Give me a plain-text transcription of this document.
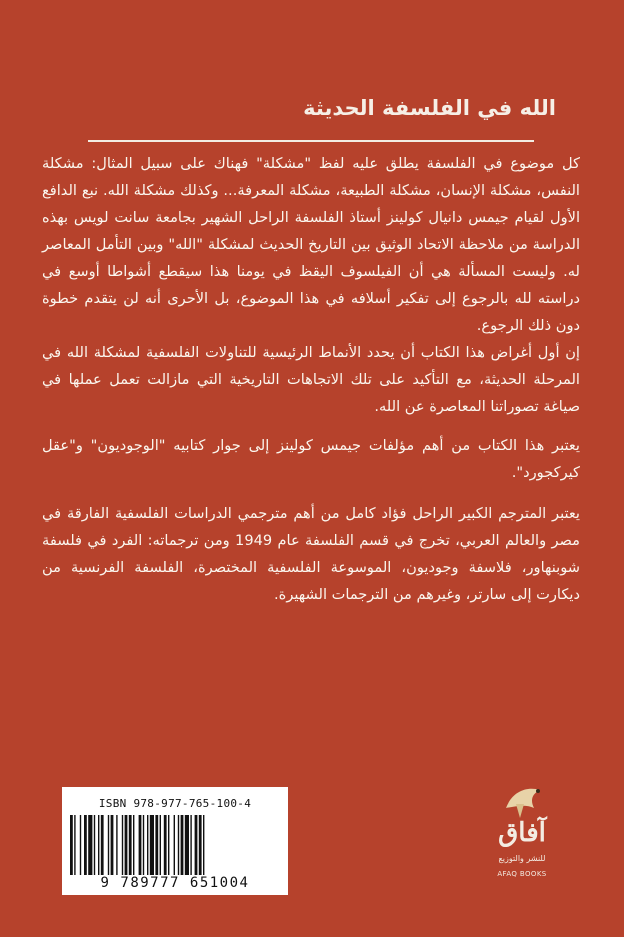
الله في الفلسفة الحديثة

كل موضوع في الفلسفة يطلق عليه لفظ "مشكلة" فهناك على سبيل المثال: مشكلة النفس، مشكلة الإنسان، مشكلة الطبيعة، مشكلة المعرفة... وكذلك مشكلة الله. نبع الدافع الأول لقيام جيمس دانيال كولينز أستاذ الفلسفة الراحل الشهير بجامعة سانت لويس بهذه الدراسة من ملاحظة الاتحاد الوثيق بين التاريخ الحديث لمشكلة "الله" وبين التأمل المعاصر له. وليست المسألة هي أن الفيلسوف اليقظ في يومنا هذا سيقطع أشواطا أوسع في دراسته لله بالرجوع إلى تفكير أسلافه في هذا الموضوع، بل الأحرى أنه لن يتقدم خطوة دون ذلك الرجوع.

إن أول أغراض هذا الكتاب أن يحدد الأنماط الرئيسية للتناولات الفلسفية لمشكلة الله في المرحلة الحديثة، مع التأكيد على تلك الاتجاهات التاريخية التي مازالت تعمل عملها في صياغة تصوراتنا المعاصرة عن الله.

يعتبر هذا الكتاب من أهم مؤلفات جيمس كولينز إلى جوار كتابيه "الوجوديون" و"عقل كيركجورد".

يعتبر المترجم الكبير الراحل فؤاد كامل من أهم مترجمي الدراسات الفلسفية الفارقة في مصر والعالم العربي، تخرج في قسم الفلسفة عام 1949 ومن ترجماته: الفرد في فلسفة شوبنهاور، فلاسفة وجوديون، الموسوعة الفلسفية المختصرة، الفلسفة الفرنسية من ديكارت إلى سارتر، وغيرهم من الترجمات الشهيرة.

ISBN 978-977-765-100-4
9 789777 651004
آفاق
للنشر والتوزيع
AFAQ BOOKS
